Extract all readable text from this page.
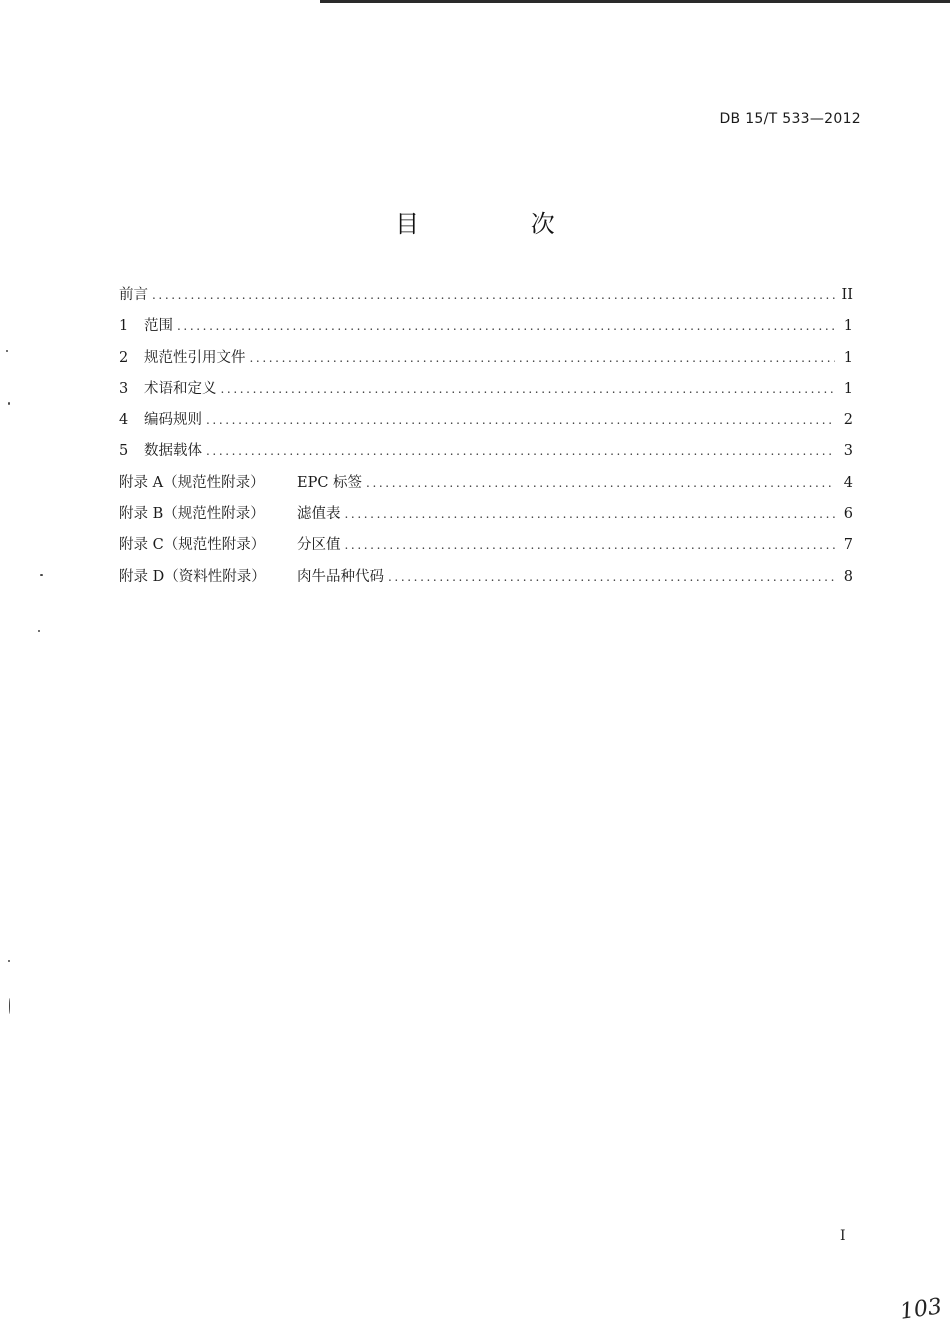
DB 15/T 533—2012
目 次
前言 .....	II
1	范围 .....	1
2	规范性引用文件 .....	1
3	术语和定义 .....	1
4	编码规则 .....	2
5	数据载体 .....	3
附录 A（规范性附录）	EPC 标签 .....	4
附录 B（规范性附录）	滤值表 .....	6
附录 C（规范性附录）	分区值 .....	7
附录 D（资料性附录）	肉牛品种代码 .....	8
I
103
